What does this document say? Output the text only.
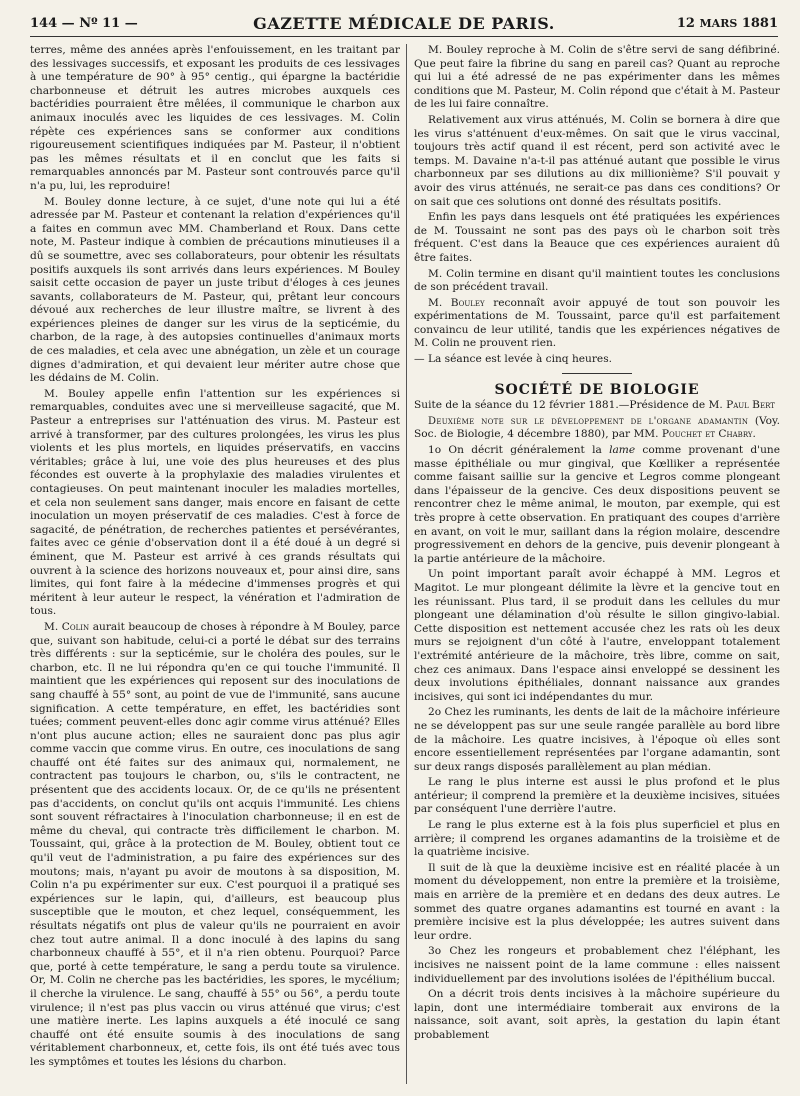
144 — Nº 11 —	GAZETTE MÉDICALE DE PARIS.	12 MARS 1881

terres, même des années après l'enfouissement, en les traitant par des lessivages successifs, et exposant les produits de ces lessivages à une température de 90° à 95° centig., qui épargne la bactéridie charbonneuse et détruit les autres microbes auxquels ces bactéridies pourraient être mêlées, il communique le charbon aux animaux inoculés avec les liquides de ces lessivages. M. Colin répète ces expériences sans se conformer aux conditions rigoureusement scientifiques indiquées par M. Pasteur, il n'obtient pas les mêmes résultats et il en conclut que les faits si remarquables annoncés par M. Pasteur sont controuvés parce qu'il n'a pu, lui, les reproduire!

M. Bouley donne lecture, à ce sujet, d'une note qui lui a été adressée par M. Pasteur et contenant la relation d'expériences qu'il a faites en commun avec MM. Chamberland et Roux. Dans cette note, M. Pasteur indique à combien de précautions minutieuses il a dû se soumettre, avec ses collaborateurs, pour obtenir les résultats positifs auxquels ils sont arrivés dans leurs expériences. M Bouley saisit cette occasion de payer un juste tribut d'éloges à ces jeunes savants, collaborateurs de M. Pasteur, qui, prêtant leur concours dévoué aux recherches de leur illustre maître, se livrent à des expériences pleines de danger sur les virus de la septicémie, du charbon, de la rage, à des autopsies continuelles d'animaux morts de ces maladies, et cela avec une abnégation, un zèle et un courage dignes d'admiration, et qui devaient leur mériter autre chose que les dédains de M. Colin.

M. Bouley appelle enfin l'attention sur les expériences si remarquables, conduites avec une si merveilleuse sagacité, que M. Pasteur a entreprises sur l'atténuation des virus. M. Pasteur est arrivé à transformer, par des cultures prolongées, les virus les plus violents et les plus mortels, en liquides préservatifs, en vaccins véritables; grâce à lui, une voie des plus heureuses et des plus fécondes est ouverte à la prophylaxie des maladies virulentes et contagieuses. On peut maintenant inoculer les maladies mortelles, et cela non seulement sans danger, mais encore en faisant de cette inoculation un moyen préservatif de ces maladies. C'est à force de sagacité, de pénétration, de recherches patientes et persévérantes, faites avec ce génie d'observation dont il a été doué à un degré si éminent, que M. Pasteur est arrivé à ces grands résultats qui ouvrent à la science des horizons nouveaux et, pour ainsi dire, sans limites, qui font faire à la médecine d'immenses progrès et qui méritent à leur auteur le respect, la vénération et l'admiration de tous.

M. Colin aurait beaucoup de choses à répondre à M Bouley, parce que, suivant son habitude, celui-ci a porté le débat sur des terrains très différents : sur la septicémie, sur le choléra des poules, sur le charbon, etc. Il ne lui répondra qu'en ce qui touche l'immunité. Il maintient que les expériences qui reposent sur des inoculations de sang chauffé à 55° sont, au point de vue de l'immunité, sans aucune signification. A cette température, en effet, les bactéridies sont tuées; comment peuvent-elles donc agir comme virus atténué? Elles n'ont plus aucune action; elles ne sauraient donc pas plus agir comme vaccin que comme virus. En outre, ces inoculations de sang chauffé ont été faites sur des animaux qui, normalement, ne contractent pas toujours le charbon, ou, s'ils le contractent, ne présentent que des accidents locaux. Or, de ce qu'ils ne présentent pas d'accidents, on conclut qu'ils ont acquis l'immunité. Les chiens sont souvent réfractaires à l'inoculation charbonneuse; il en est de même du cheval, qui contracte très difficilement le charbon. M. Toussaint, qui, grâce à la protection de M. Bouley, obtient tout ce qu'il veut de l'administration, a pu faire des expériences sur des moutons; mais, n'ayant pu avoir de moutons à sa disposition, M. Colin n'a pu expérimenter sur eux. C'est pourquoi il a pratiqué ses expériences sur le lapin, qui, d'ailleurs, est beaucoup plus susceptible que le mouton, et chez lequel, conséquemment, les résultats négatifs ont plus de valeur qu'ils ne pourraient en avoir chez tout autre animal. Il a donc inoculé à des lapins du sang charbonneux chauffé à 55°, et il n'a rien obtenu. Pourquoi? Parce que, porté à cette température, le sang a perdu toute sa virulence. Or, M. Colin ne cherche pas les bactéridies, les spores, le mycélium; il cherche la virulence. Le sang, chauffé à 55° ou 56°, a perdu toute virulence; il n'est pas plus vaccin ou virus atténué que virus; c'est une matière inerte. Les lapins auxquels a été inoculé ce sang chauffé ont été ensuite soumis à des inoculations de sang véritablement charbonneux, et, cette fois, ils ont été tués avec tous les symptômes et toutes les lésions du charbon.

M. Bouley reproche à M. Colin de s'être servi de sang défibriné. Que peut faire la fibrine du sang en pareil cas? Quant au reproche qui lui a été adressé de ne pas expérimenter dans les mêmes conditions que M. Pasteur, M. Colin répond que c'était à M. Pasteur de les lui faire connaître.

Relativement aux virus atténués, M. Colin se bornera à dire que les virus s'atténuent d'eux-mêmes. On sait que le virus vaccinal, toujours très actif quand il est récent, perd son activité avec le temps. M. Davaine n'a-t-il pas atténué autant que possible le virus charbonneux par ses dilutions au dix millionième? S'il pouvait y avoir des virus atténués, ne serait-ce pas dans ces conditions? Or on sait que ces solutions ont donné des résultats positifs.

Enfin les pays dans lesquels ont été pratiquées les expériences de M. Toussaint ne sont pas des pays où le charbon soit très fréquent. C'est dans la Beauce que ces expériences auraient dû être faites.

M. Colin termine en disant qu'il maintient toutes les conclusions de son précédent travail.

M. Bouley reconnaît avoir appuyé de tout son pouvoir les expérimentations de M. Toussaint, parce qu'il est parfaitement convaincu de leur utilité, tandis que les expériences négatives de M. Colin ne prouvent rien.

— La séance est levée à cinq heures.

SOCIÉTÉ DE BIOLOGIE

Suite de la séance du 12 février 1881.—Présidence de M. Paul Bert

Deuxième note sur le développement de l'organe adamantin (Voy. Soc. de Biologie, 4 décembre 1880), par MM. Pouchet et Chabry.

1o On décrit généralement la lame comme provenant d'une masse épithéliale ou mur gingival, que Kœlliker a représentée comme faisant saillie sur la gencive et Legros comme plongeant dans l'épaisseur de la gencive. Ces deux dispositions peuvent se rencontrer chez le même animal, le mouton, par exemple, qui est très propre à cette observation. En pratiquant des coupes d'arrière en avant, on voit le mur, saillant dans la région molaire, descendre progressivement en dehors de la gencive, puis devenir plongeant à la partie antérieure de la mâchoire.

Un point important paraît avoir échappé à MM. Legros et Magitot. Le mur plongeant délimite la lèvre et la gencive tout en les réunissant. Plus tard, il se produit dans les cellules du mur plongeant une délamination d'où résulte le sillon gingivo-labial. Cette disposition est nettement accusée chez les rats où les deux murs se rejoignent d'un côté à l'autre, enveloppant totalement l'extrémité antérieure de la mâchoire, très libre, comme on sait, chez ces animaux. Dans l'espace ainsi enveloppé se dessinent les deux involutions épithéliales, donnant naissance aux grandes incisives, qui sont ici indépendantes du mur.

2o Chez les ruminants, les dents de lait de la mâchoire inférieure ne se développent pas sur une seule rangée parallèle au bord libre de la mâchoire. Les quatre incisives, à l'époque où elles sont encore essentiellement représentées par l'organe adamantin, sont sur deux rangs disposés parallèlement au plan médian.

Le rang le plus interne est aussi le plus profond et le plus antérieur; il comprend la première et la deuxième incisives, situées par conséquent l'une derrière l'autre.

Le rang le plus externe est à la fois plus superficiel et plus en arrière; il comprend les organes adamantins de la troisième et de la quatrième incisive.

Il suit de là que la deuxième incisive est en réalité placée à un moment du développement, non entre la première et la troisième, mais en arrière de la première et en dedans des deux autres. Le sommet des quatre organes adamantins est tourné en avant : la première incisive est la plus développée; les autres suivent dans leur ordre.

3o Chez les rongeurs et probablement chez l'éléphant, les incisives ne naissent point de la lame commune : elles naissent individuellement par des involutions isolées de l'épithélium buccal.

On a décrit trois dents incisives à la mâchoire supérieure du lapin, dont une intermédiaire tomberait aux environs de la naissance, soit avant, soit après, la gestation du lapin étant probablement
